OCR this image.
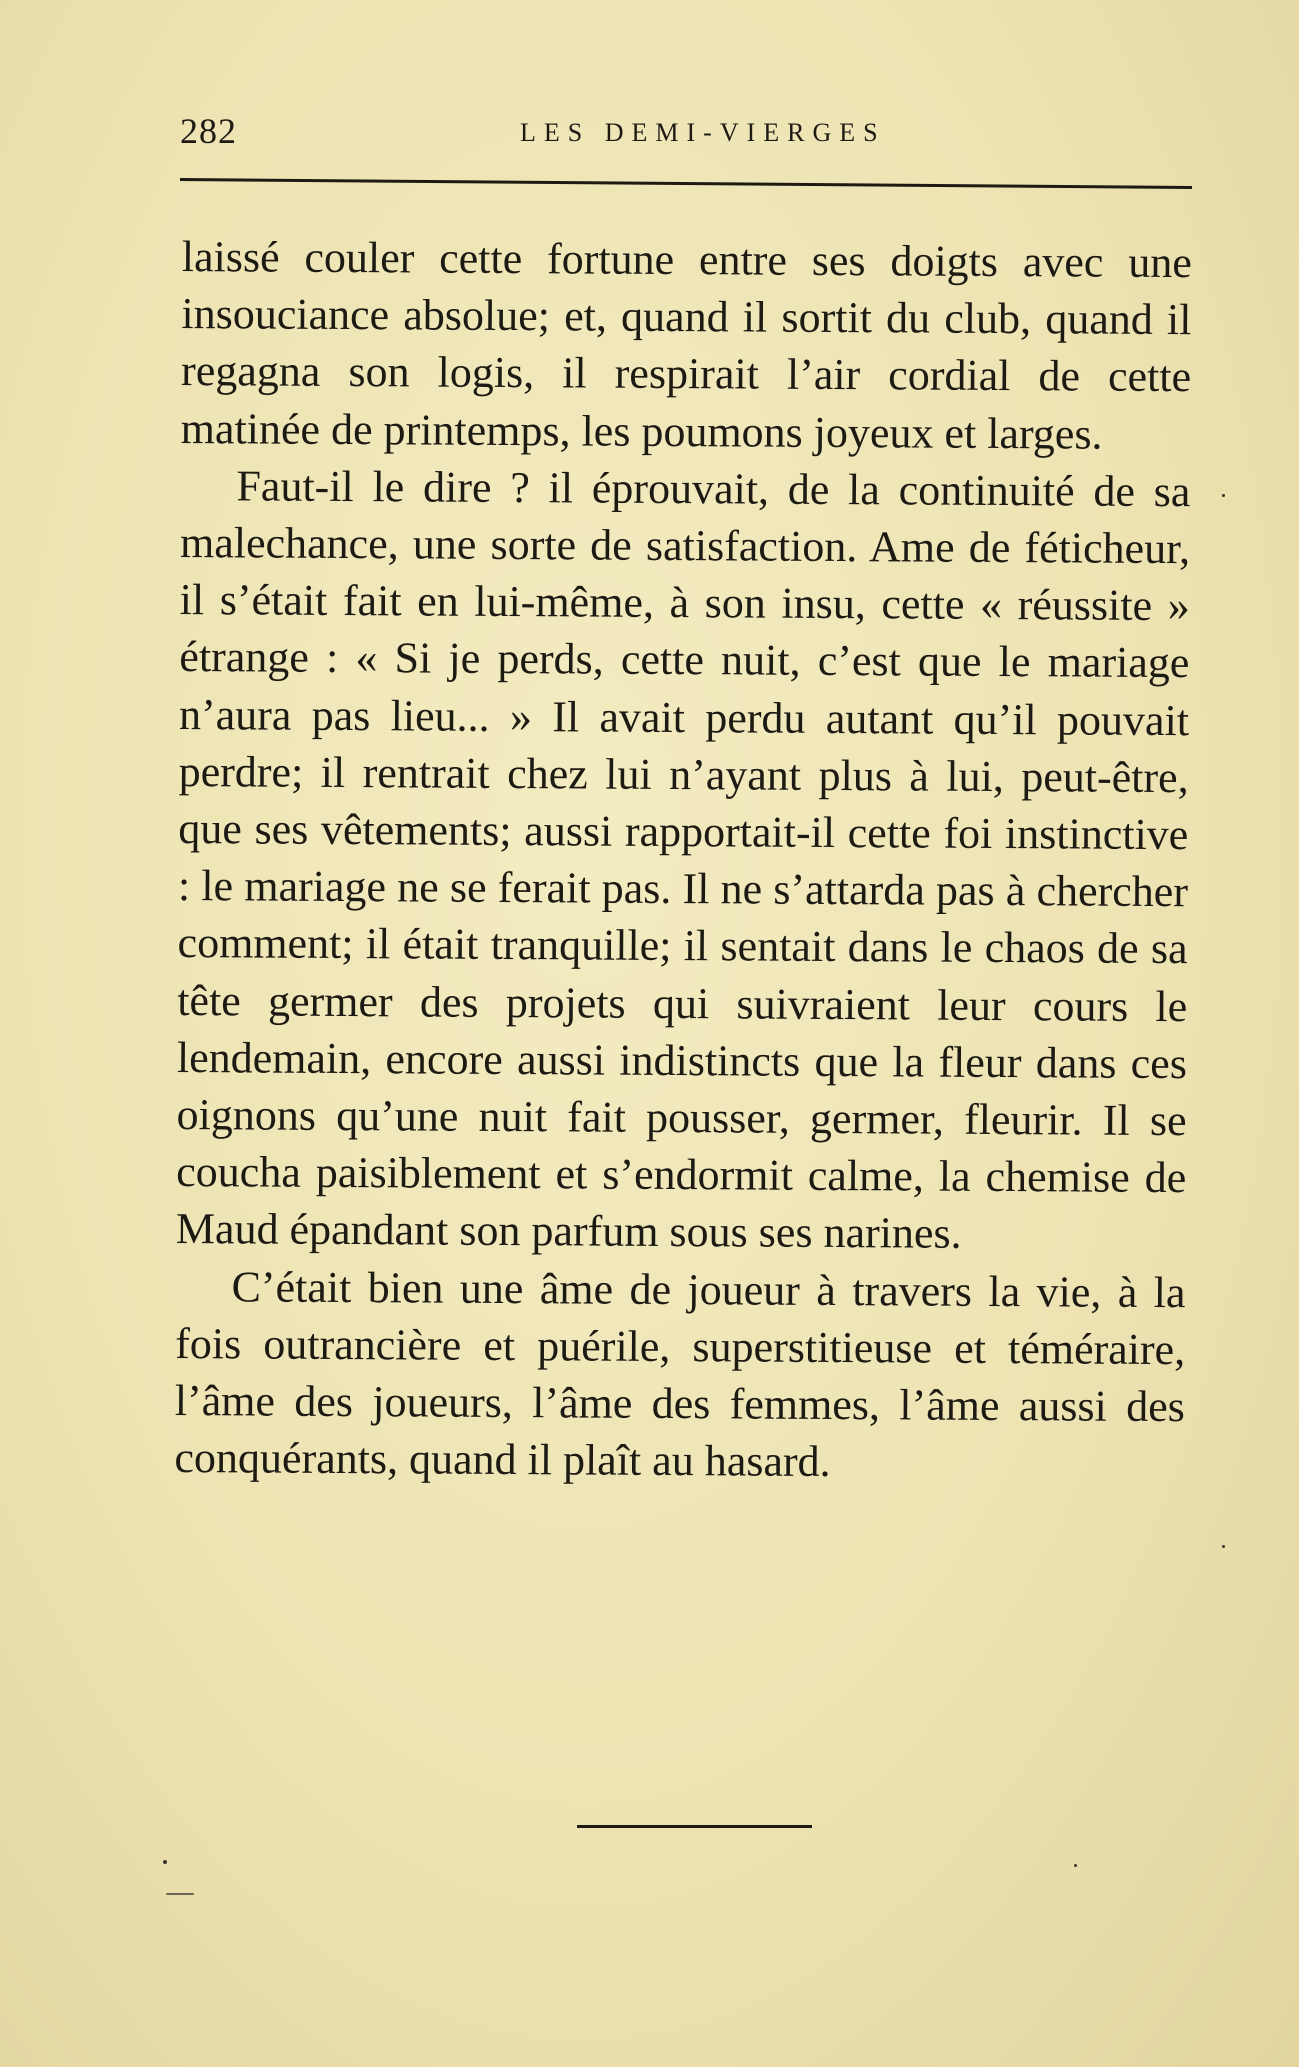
282	LES DEMI-VIERGES

laissé couler cette fortune entre ses doigts avec une insouciance absolue; et, quand il sortit du club, quand il regagna son logis, il respirait l’air cordial de cette matinée de printemps, les poumons joyeux et larges.

Faut-il le dire ? il éprouvait, de la continuité de sa malechance, une sorte de satisfaction. Ame de féticheur, il s’était fait en lui-même, à son insu, cette « réussite » étrange : « Si je perds, cette nuit, c’est que le mariage n’aura pas lieu... » Il avait perdu autant qu’il pouvait perdre; il rentrait chez lui n’ayant plus à lui, peut-être, que ses vêtements; aussi rapportait-il cette foi instinctive : le mariage ne se ferait pas. Il ne s’attarda pas à chercher comment; il était tranquille; il sentait dans le chaos de sa tête germer des projets qui suivraient leur cours le lendemain, encore aussi indistincts que la fleur dans ces oignons qu’une nuit fait pousser, germer, fleurir. Il se coucha paisiblement et s’endormit calme, la chemise de Maud épandant son parfum sous ses narines.

C’était bien une âme de joueur à travers la vie, à la fois outrancière et puérile, superstitieuse et téméraire, l’âme des joueurs, l’âme des femmes, l’âme aussi des conquérants, quand il plaît au hasard.
